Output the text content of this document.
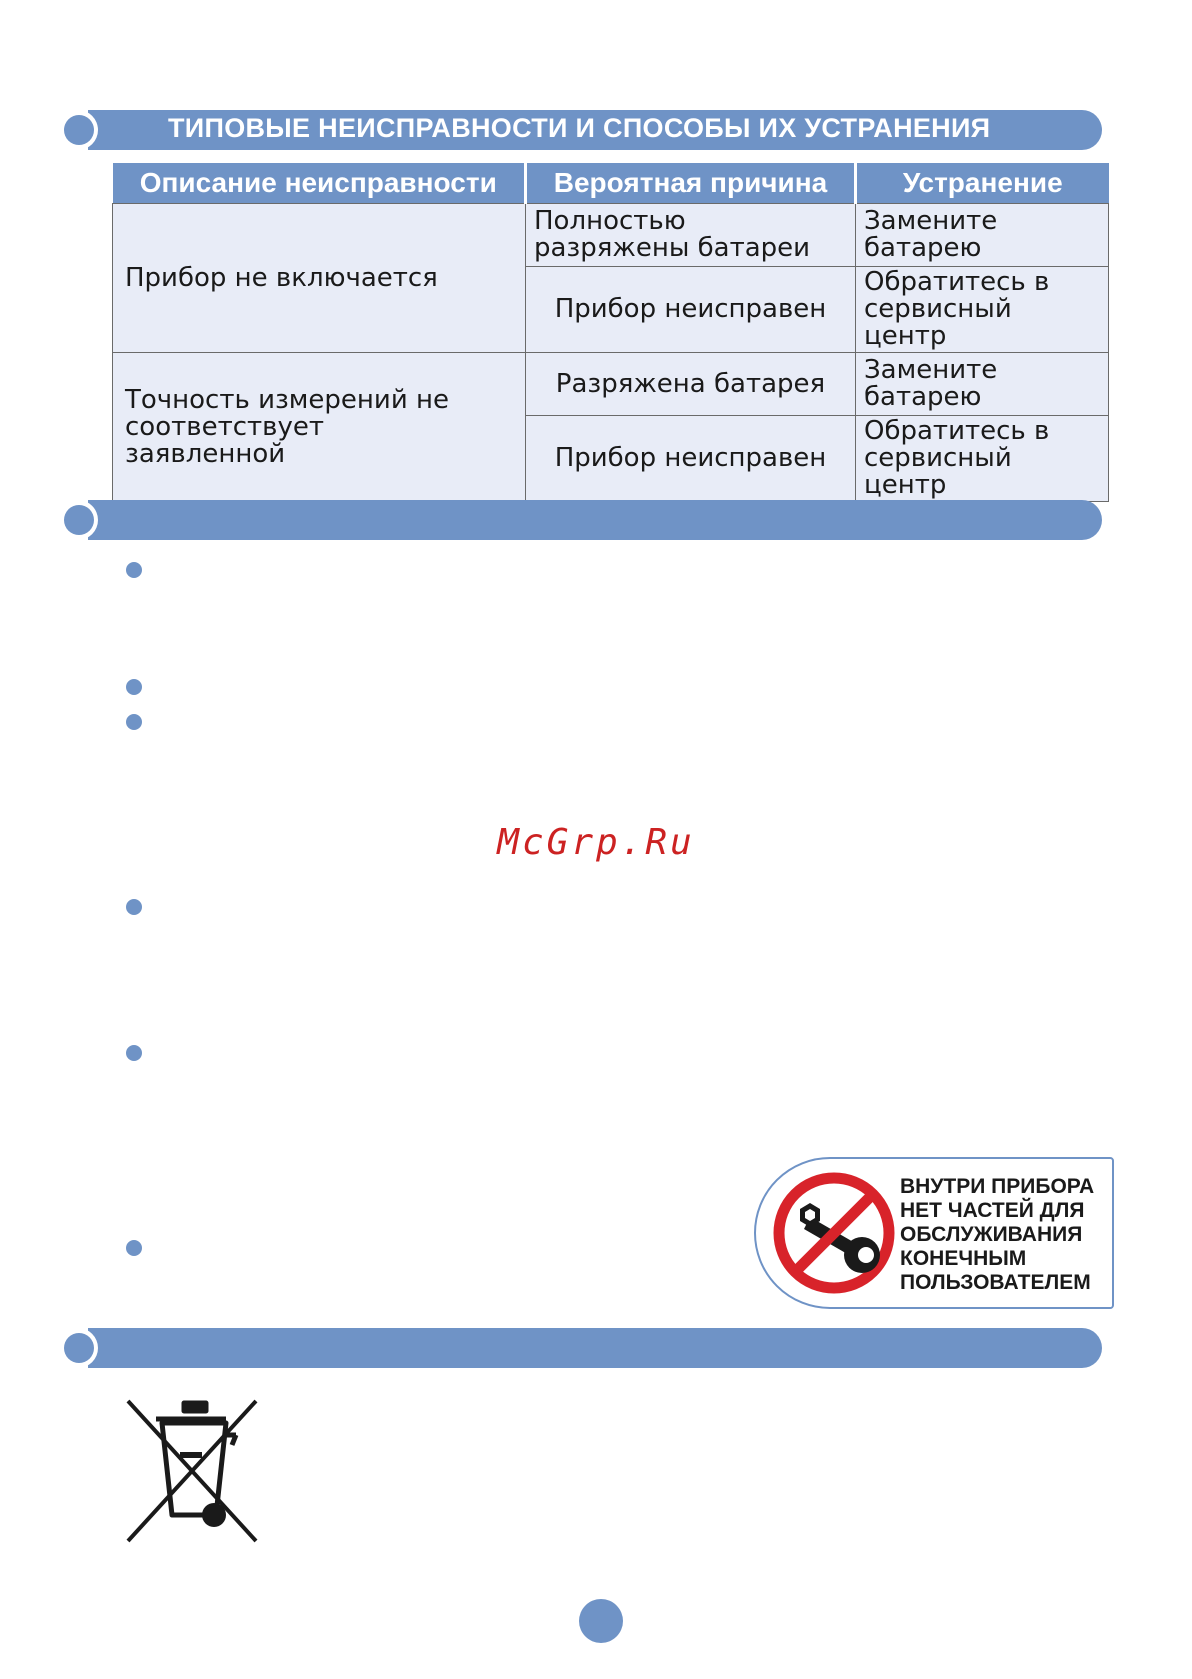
ТИПОВЫЕ НЕИСПРАВНОСТИ И СПОСОБЫ ИХ УСТРАНЕНИЯ
Описание неисправности	Вероятная причина	Устранение
Прибор не включается	Полностью разряжены батареи	Замените батарею
	Прибор неисправен	Обратитесь в сервисный центр
Точность измерений не соответствует заявленной	Разряжена батарея	Замените батарею
	Прибор неисправен	Обратитесь в сервисный центр
McGrp.Ru
ВНУТРИ ПРИБОРА
НЕТ ЧАСТЕЙ ДЛЯ
ОБСЛУЖИВАНИЯ
КОНЕЧНЫМ
ПОЛЬЗОВАТЕЛЕМ
